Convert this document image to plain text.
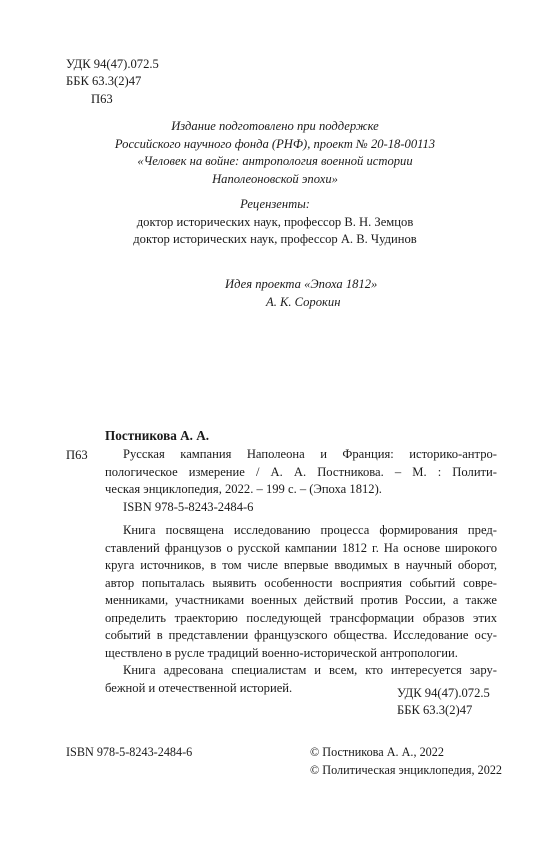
УДК 94(47).072.5
ББК 63.3(2)47
П63
Издание подготовлено при поддержке
Российского научного фонда (РНФ), проект № 20-18-00113
«Человек на войне: антропология военной истории
Наполеоновской эпохи»
Рецензенты:
доктор исторических наук, профессор В. Н. Земцов
доктор исторических наук, профессор А. В. Чудинов
Идея проекта «Эпоха 1812»
А. К. Сорокин
Постникова А. А.
П63	Русская кампания Наполеона и Франция: историко-антро-
пологическое измерение / А. А. Постникова. – М. : Полити-
ческая энциклопедия, 2022. – 199 с. – (Эпоха 1812).
ISBN 978-5-8243-2484-6
Книга посвящена исследованию процесса формирования пред-
ставлений французов о русской кампании 1812 г. На основе широкого
круга источников, в том числе впервые вводимых в научный оборот,
автор попыталась выявить особенности восприятия событий совре-
менниками, участниками военных действий против России, а также
определить траекторию последующей трансформации образов этих
событий в представлении французского общества. Исследование осу-
ществлено в русле традиций военно-исторической антропологии.
Книга адресована специалистам и всем, кто интересуется зару-
бежной и отечественной историей.	УДК 94(47).072.5
ББК 63.3(2)47
ISBN 978-5-8243-2484-6	© Постникова А. А., 2022
© Политическая энциклопедия, 2022
